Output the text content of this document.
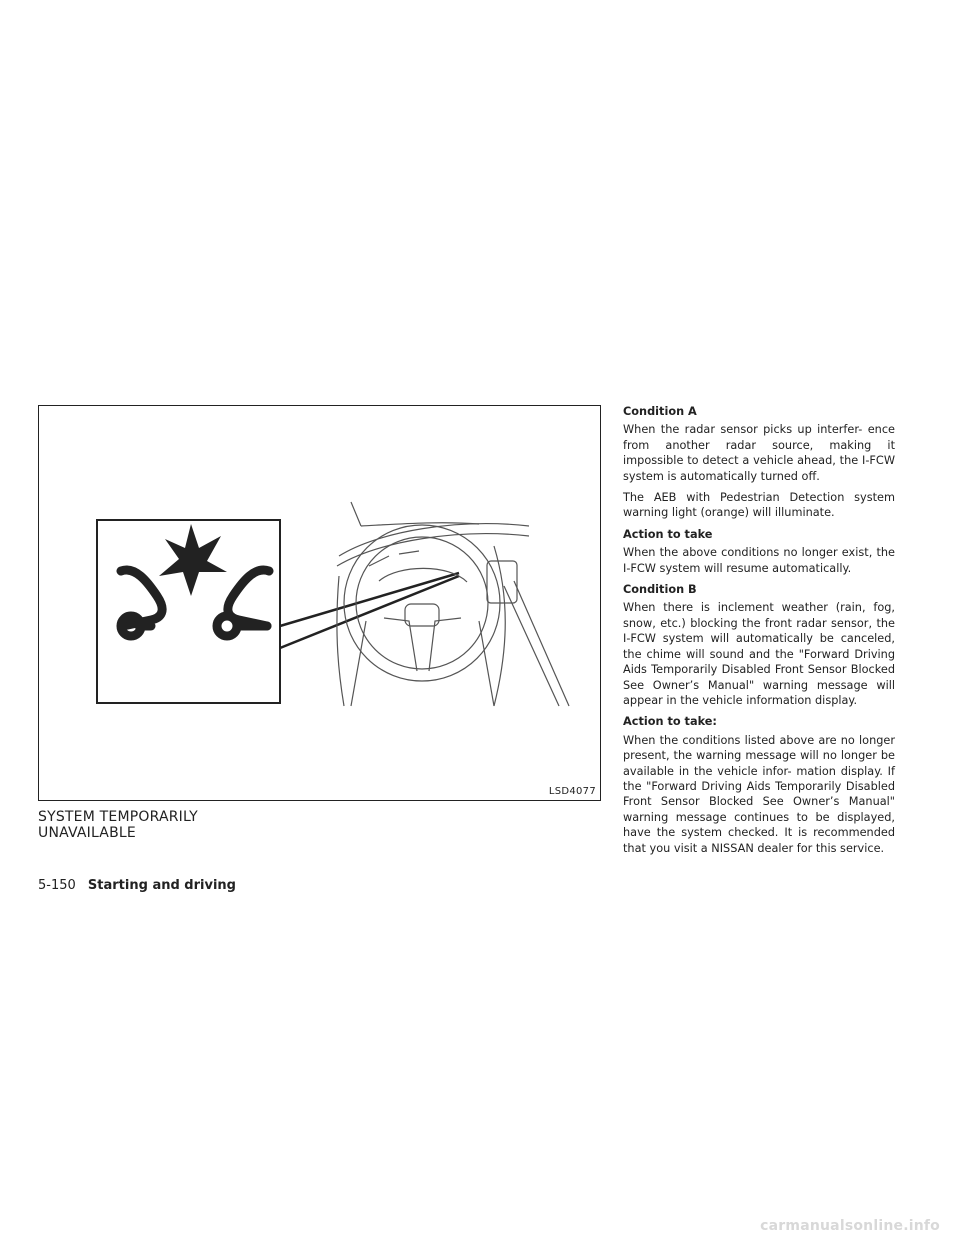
LSD4077
SYSTEM TEMPORARILY
UNAVAILABLE
Condition A

When the radar sensor picks up interfer- ence from another radar source, making it impossible to detect a vehicle ahead, the I-FCW system is automatically turned off.

The AEB with Pedestrian Detection system warning light (orange) will illuminate.

Action to take

When the above conditions no longer exist, the I-FCW system will resume automatically.

Condition B

When there is inclement weather (rain, fog, snow, etc.) blocking the front radar sensor, the I-FCW system will automatically be canceled, the chime will sound and the "Forward Driving Aids Temporarily Disabled Front Sensor Blocked See Owner’s Manual" warning message will appear in the vehicle information display.

Action to take:

When the conditions listed above are no longer present, the warning message will no longer be available in the vehicle infor- mation display. If the "Forward Driving Aids Temporarily Disabled Front Sensor Blocked See Owner’s Manual" warning message continues to be displayed, have the system checked. It is recommended that you visit a NISSAN dealer for this service.

5-150 Starting and driving
carmanualsonline.info
